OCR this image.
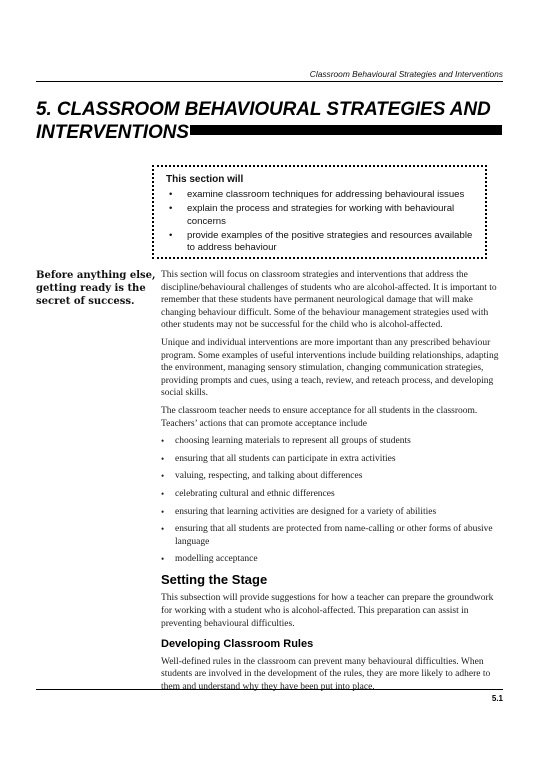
Classroom Behavioural Strategies and Interventions
5. CLASSROOM BEHAVIOURAL STRATEGIES AND INTERVENTIONS
This section will
• examine classroom techniques for addressing behavioural issues
• explain the process and strategies for working with behavioural concerns
• provide examples of the positive strategies and resources available to address behaviour

Before anything else, getting ready is the secret of success.

This section will focus on classroom strategies and interventions that address the discipline/behavioural challenges of students who are alcohol-affected. It is important to remember that these students have permanent neurological damage that will make changing behaviour difficult. Some of the behaviour management strategies used with other students may not be successful for the child who is alcohol-affected.

Unique and individual interventions are more important than any prescribed behaviour program. Some examples of useful interventions include building relationships, adapting the environment, managing sensory stimulation, changing communication strategies, providing prompts and cues, using a teach, review, and reteach process, and developing social skills.

The classroom teacher needs to ensure acceptance for all students in the classroom. Teachers’ actions that can promote acceptance include

• choosing learning materials to represent all groups of students
• ensuring that all students can participate in extra activities
• valuing, respecting, and talking about differences
• celebrating cultural and ethnic differences
• ensuring that learning activities are designed for a variety of abilities
• ensuring that all students are protected from name-calling or other forms of abusive language
• modelling acceptance
Setting the Stage

This subsection will provide suggestions for how a teacher can prepare the groundwork for working with a student who is alcohol-affected. This preparation can assist in preventing behavioural difficulties.

Developing Classroom Rules

Well-defined rules in the classroom can prevent many behavioural difficulties. When students are involved in the development of the rules, they are more likely to adhere to them and understand why they have been put into place.

5.1
